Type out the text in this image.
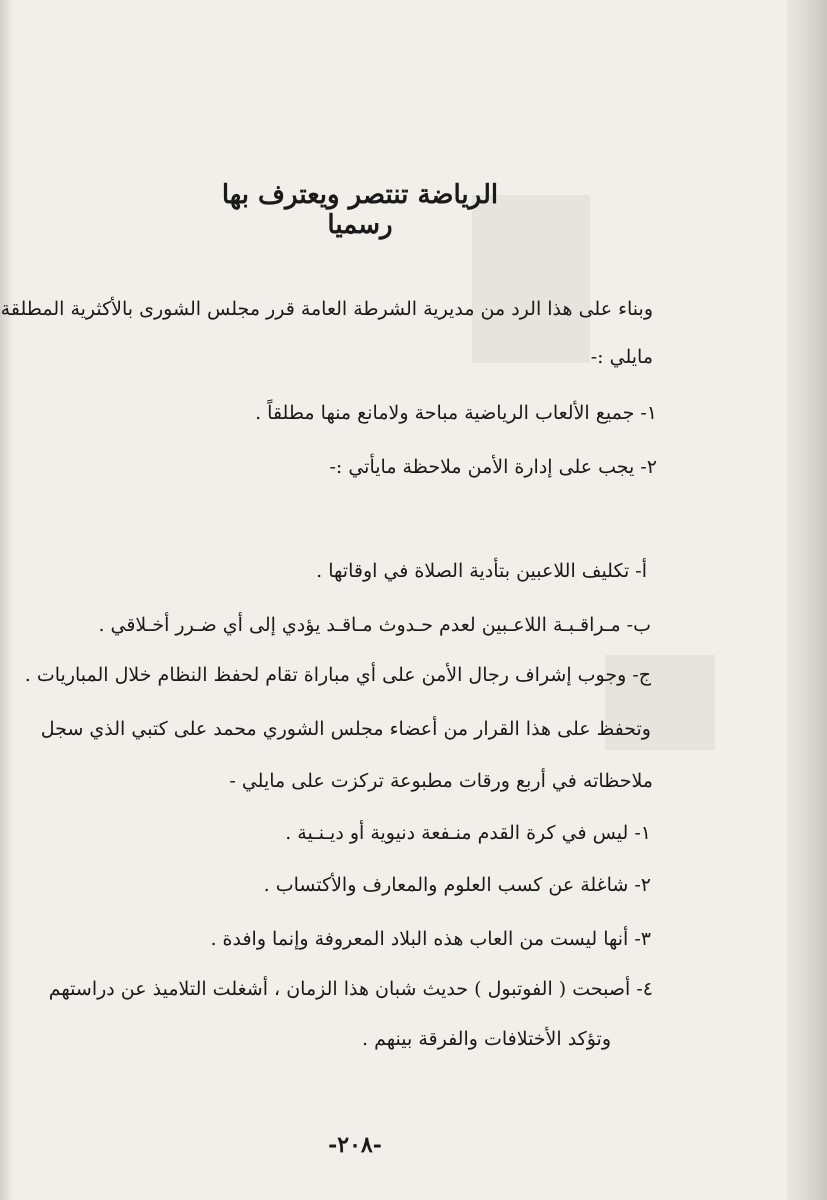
الرياضة تنتصر ويعترف بها رسميا
وبناء على هذا الرد من مديرية الشرطة العامة قرر مجلس الشورى بالأكثرية المطلقة
مايلي :-
١- جميع الألعاب الرياضية مباحة ولامانع منها مطلقاً .
٢- يجب على إدارة الأمن ملاحظة مايأتي :-
أ- تكليف اللاعبين بتأدية الصلاة في اوقاتها .
ب- مـراقـبـة اللاعـبين لعدم حـدوث مـاقـد يؤدي إلى أي ضـرر أخـلاقي .
ج- وجوب إشراف رجال الأمن على أي مباراة تقام لحفظ النظام خلال المباريات .
وتحفظ على هذا القرار من أعضاء مجلس الشوري محمد على كتبي الذي سجل
ملاحظاته في أربع ورقات مطبوعة تركزت على مايلي -
١- ليس في كرة القدم منـفعة دنيوية أو ديـنـية .
٢- شاغلة عن كسب العلوم والمعارف والأكتساب .
٣- أنها ليست من العاب هذه البلاد المعروفة وإنما وافدة .
٤- أصبحت ( الفوتبول ) حديث شبان هذا الزمان ، أشغلت التلاميذ عن دراستهم
وتؤكد الأختلافات والفرقة بينهم .
-٢٠٨-
